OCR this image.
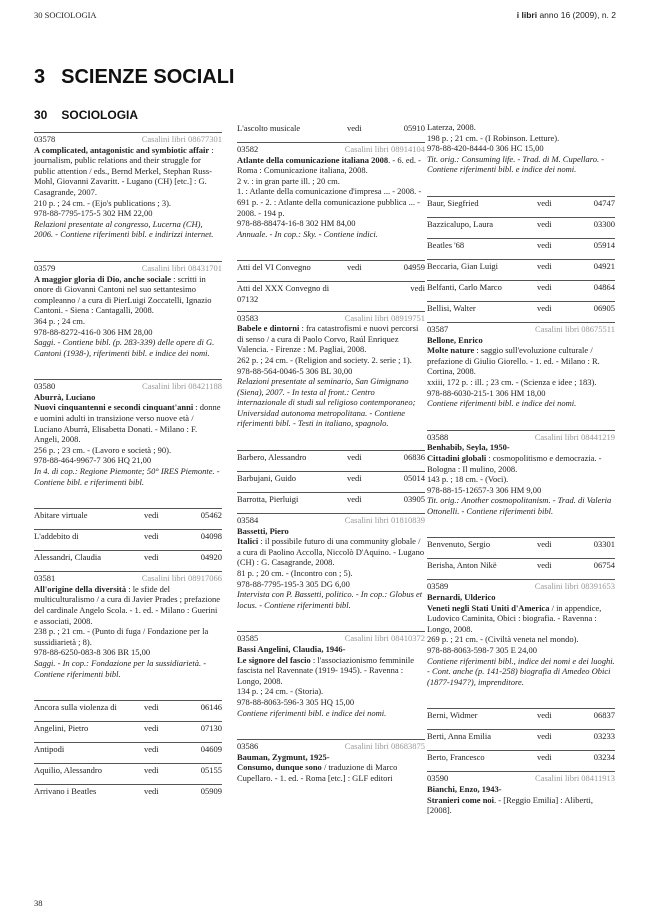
30 SOCIOLOGIA	i libri anno 16 (2009), n. 2
3 SCIENZE SOCIALI
30 SOCIOLOGIA
03578	Casalini libri 08677301
A complicated, antagonistic and symbiotic affair : journalism, public relations and their struggle for public attention / eds., Bernd Merkel, Stephan Russ-Mohl, Giovanni Zavaritt. - Lugano (CH) [etc.] : G. Casagrande, 2007.
210 p. ; 24 cm. - (Ejo's publications ; 3).
978-88-7795-175-5 302 HM 22,00
Relazioni presentate al congresso, Lucerna (CH), 2006. - Contiene riferimenti bibl. e indirizzi internet.
03579	Casalini libri 08431701
A maggior gloria di Dio, anche sociale : scritti in onore di Giovanni Cantoni nel suo settantesimo compleanno / a cura di PierLuigi Zoccatelli, Ignazio Cantoni. - Siena : Cantagalli, 2008.
364 p. ; 24 cm.
978-88-8272-416-0 306 HM 28,00
Saggi. - Contiene bibl. (p. 283-339) delle opere di G. Cantoni (1938-), riferimenti bibl. e indice dei nomi.
03580	Casalini libri 08421188
Aburrà, Luciano
Nuovi cinquantenni e secondi cinquant'anni : donne e uomini adulti in transizione verso nuove età / Luciano Aburrà, Elisabetta Donati. - Milano : F. Angeli, 2008.
256 p. ; 23 cm. - (Lavoro e società ; 90).
978-88-464-9967-7 306 HQ 21,00
In 4. di cop.: Regione Piemonte; 50° IRES Piemonte. - Contiene bibl. e riferimenti bibl.
Abitare virtuale	vedi	05462
L'addebito di	vedi	04098
Alessandri, Claudia	vedi	04920
03581	Casalini libri 08917066
All'origine della diversità : le sfide del multiculturalismo / a cura di Javier Prades ; prefazione del cardinale Angelo Scola. - 1. ed. - Milano : Guerini e associati, 2008.
238 p. ; 21 cm. - (Punto di fuga / Fondazione per la sussidiarietà ; 8).
978-88-6250-083-8 306 BR 15,00
Saggi. - In cop.: Fondazione per la sussidiarietà. - Contiene riferimenti bibl.
Ancora sulla violenza di	vedi	06146
Angelini, Pietro	vedi	07130
Antipodi	vedi	04609
Aquilio, Alessandro	vedi	05155
Arrivano i Beatles	vedi	05909
L'ascolto musicale	vedi	05910
03582	Casalini libri 08914104
Atlante della comunicazione italiana 2008. - 6. ed. - Roma : Comunicazione italiana, 2008.
2 v. : in gran parte ill. ; 20 cm.
1. : Atlante della comunicazione d'impresa ... - 2008. - 691 p. - 2. : Atlante della comunicazione pubblica ... - 2008. - 194 p.
978-88-88474-16-8 302 HM 84,00
Annuale. - In cop.: Sky. - Contiene indici.
Atti del VI Convegno	vedi	04959
Atti del XXX Convegno di	vedi
07132
03583	Casalini libri 08919751
Babele e dintorni : fra catastrofismi e nuovi percorsi di senso / a cura di Paolo Corvo, Raúl Enriquez Valencia. - Firenze : M. Pagliai, 2008.
262 p. ; 24 cm. - (Religion and society. 2. serie ; 1).
978-88-564-0046-5 306 BL 30,00
Relazioni presentate al seminario, San Gimignano (Siena), 2007. - In testa al front.: Centro internazionale di studi sul religioso contemporaneo; Universidad autonoma metropolitana. - Contiene riferimenti bibl. - Testi in italiano, spagnolo.
Barbero, Alessandro	vedi	06836
Barbujani, Guido	vedi	05014
Barrotta, Pierluigi	vedi	03905
03584	Casalini libri 01810839
Bassetti, Piero
Italici : il possibile futuro di una community globale / a cura di Paolino Accolla, Niccolò D'Aquino. - Lugano (CH) : G. Casagrande, 2008.
81 p. ; 20 cm. - (Incontro con ; 5).
978-88-7795-195-3 305 DG 6,00
Intervista con P. Bassetti, politico. - In cop.: Globus et locus. - Contiene riferimenti bibl.
03585	Casalini libri 08410372
Bassi Angelini, Claudia, 1946-
Le signore del fascio : l'associazionismo femminile fascista nel Ravennate (1919- 1945). - Ravenna : Longo, 2008.
134 p. ; 24 cm. - (Storia).
978-88-8063-596-3 305 HQ 15,00
Contiene riferimenti bibl. e indice dei nomi.
03586	Casalini libri 08683875
Bauman, Zygmunt, 1925-
Consumo, dunque sono / traduzione di Marco Cupellaro. - 1. ed. - Roma [etc.] : GLF editori
Laterza, 2008.
198 p. ; 21 cm. - (I Robinson. Letture).
978-88-420-8444-0 306 HC 15,00
Tit. orig.: Consuming life. - Trad. di M. Cupellaro. - Contiene riferimenti bibl. e indice dei nomi.
Baur, Siegfried	vedi	04747
Bazzicalupo, Laura	vedi	03300
Beatles '68	vedi	05914
Beccaria, Gian Luigi	vedi	04921
Belfanti, Carlo Marco	vedi	04864
Bellisi, Walter	vedi	06905
03587	Casalini libri 08675511
Bellone, Enrico
Molte nature : saggio sull'evoluzione culturale / prefazione di Giulio Giorello. - 1. ed. - Milano : R. Cortina, 2008.
xxiii, 172 p. : ill. ; 23 cm. - (Scienza e idee ; 183).
978-88-6030-215-1 306 HM 18,00
Contiene riferimenti bibl. e indice dei nomi.
03588	Casalini libri 08441219
Benhabib, Seyla, 1950-
Cittadini globali : cosmopolitismo e democrazia. - Bologna : Il mulino, 2008.
143 p. ; 18 cm. - (Voci).
978-88-15-12657-3 306 HM 9,00
Tit. orig.: Another cosmopolitanism. - Trad. di Valeria Ottonelli. - Contiene riferimenti bibl.
Benvenuto, Sergio	vedi	03301
Berisha, Anton Nikë	vedi	06754
03589	Casalini libri 08391653
Bernardi, Ulderico
Veneti negli Stati Uniti d'America / in appendice, Ludovico Caminita, Obici : biografia. - Ravenna : Longo, 2008.
269 p. ; 21 cm. - (Civiltà veneta nel mondo).
978-88-8063-598-7 305 E 24,00
Contiene riferimenti bibl., indice dei nomi e dei luoghi. - Cont. anche (p. 141-258) biografia di Amedeo Obici (1877-1947?), imprenditore.
Berni, Widmer	vedi	06837
Berti, Anna Emilia	vedi	03233
Berto, Francesco	vedi	03234
03590	Casalini libri 08411913
Bianchi, Enzo, 1943-
Stranieri come noi. - [Reggio Emilia] : Aliberti, [2008].
38
